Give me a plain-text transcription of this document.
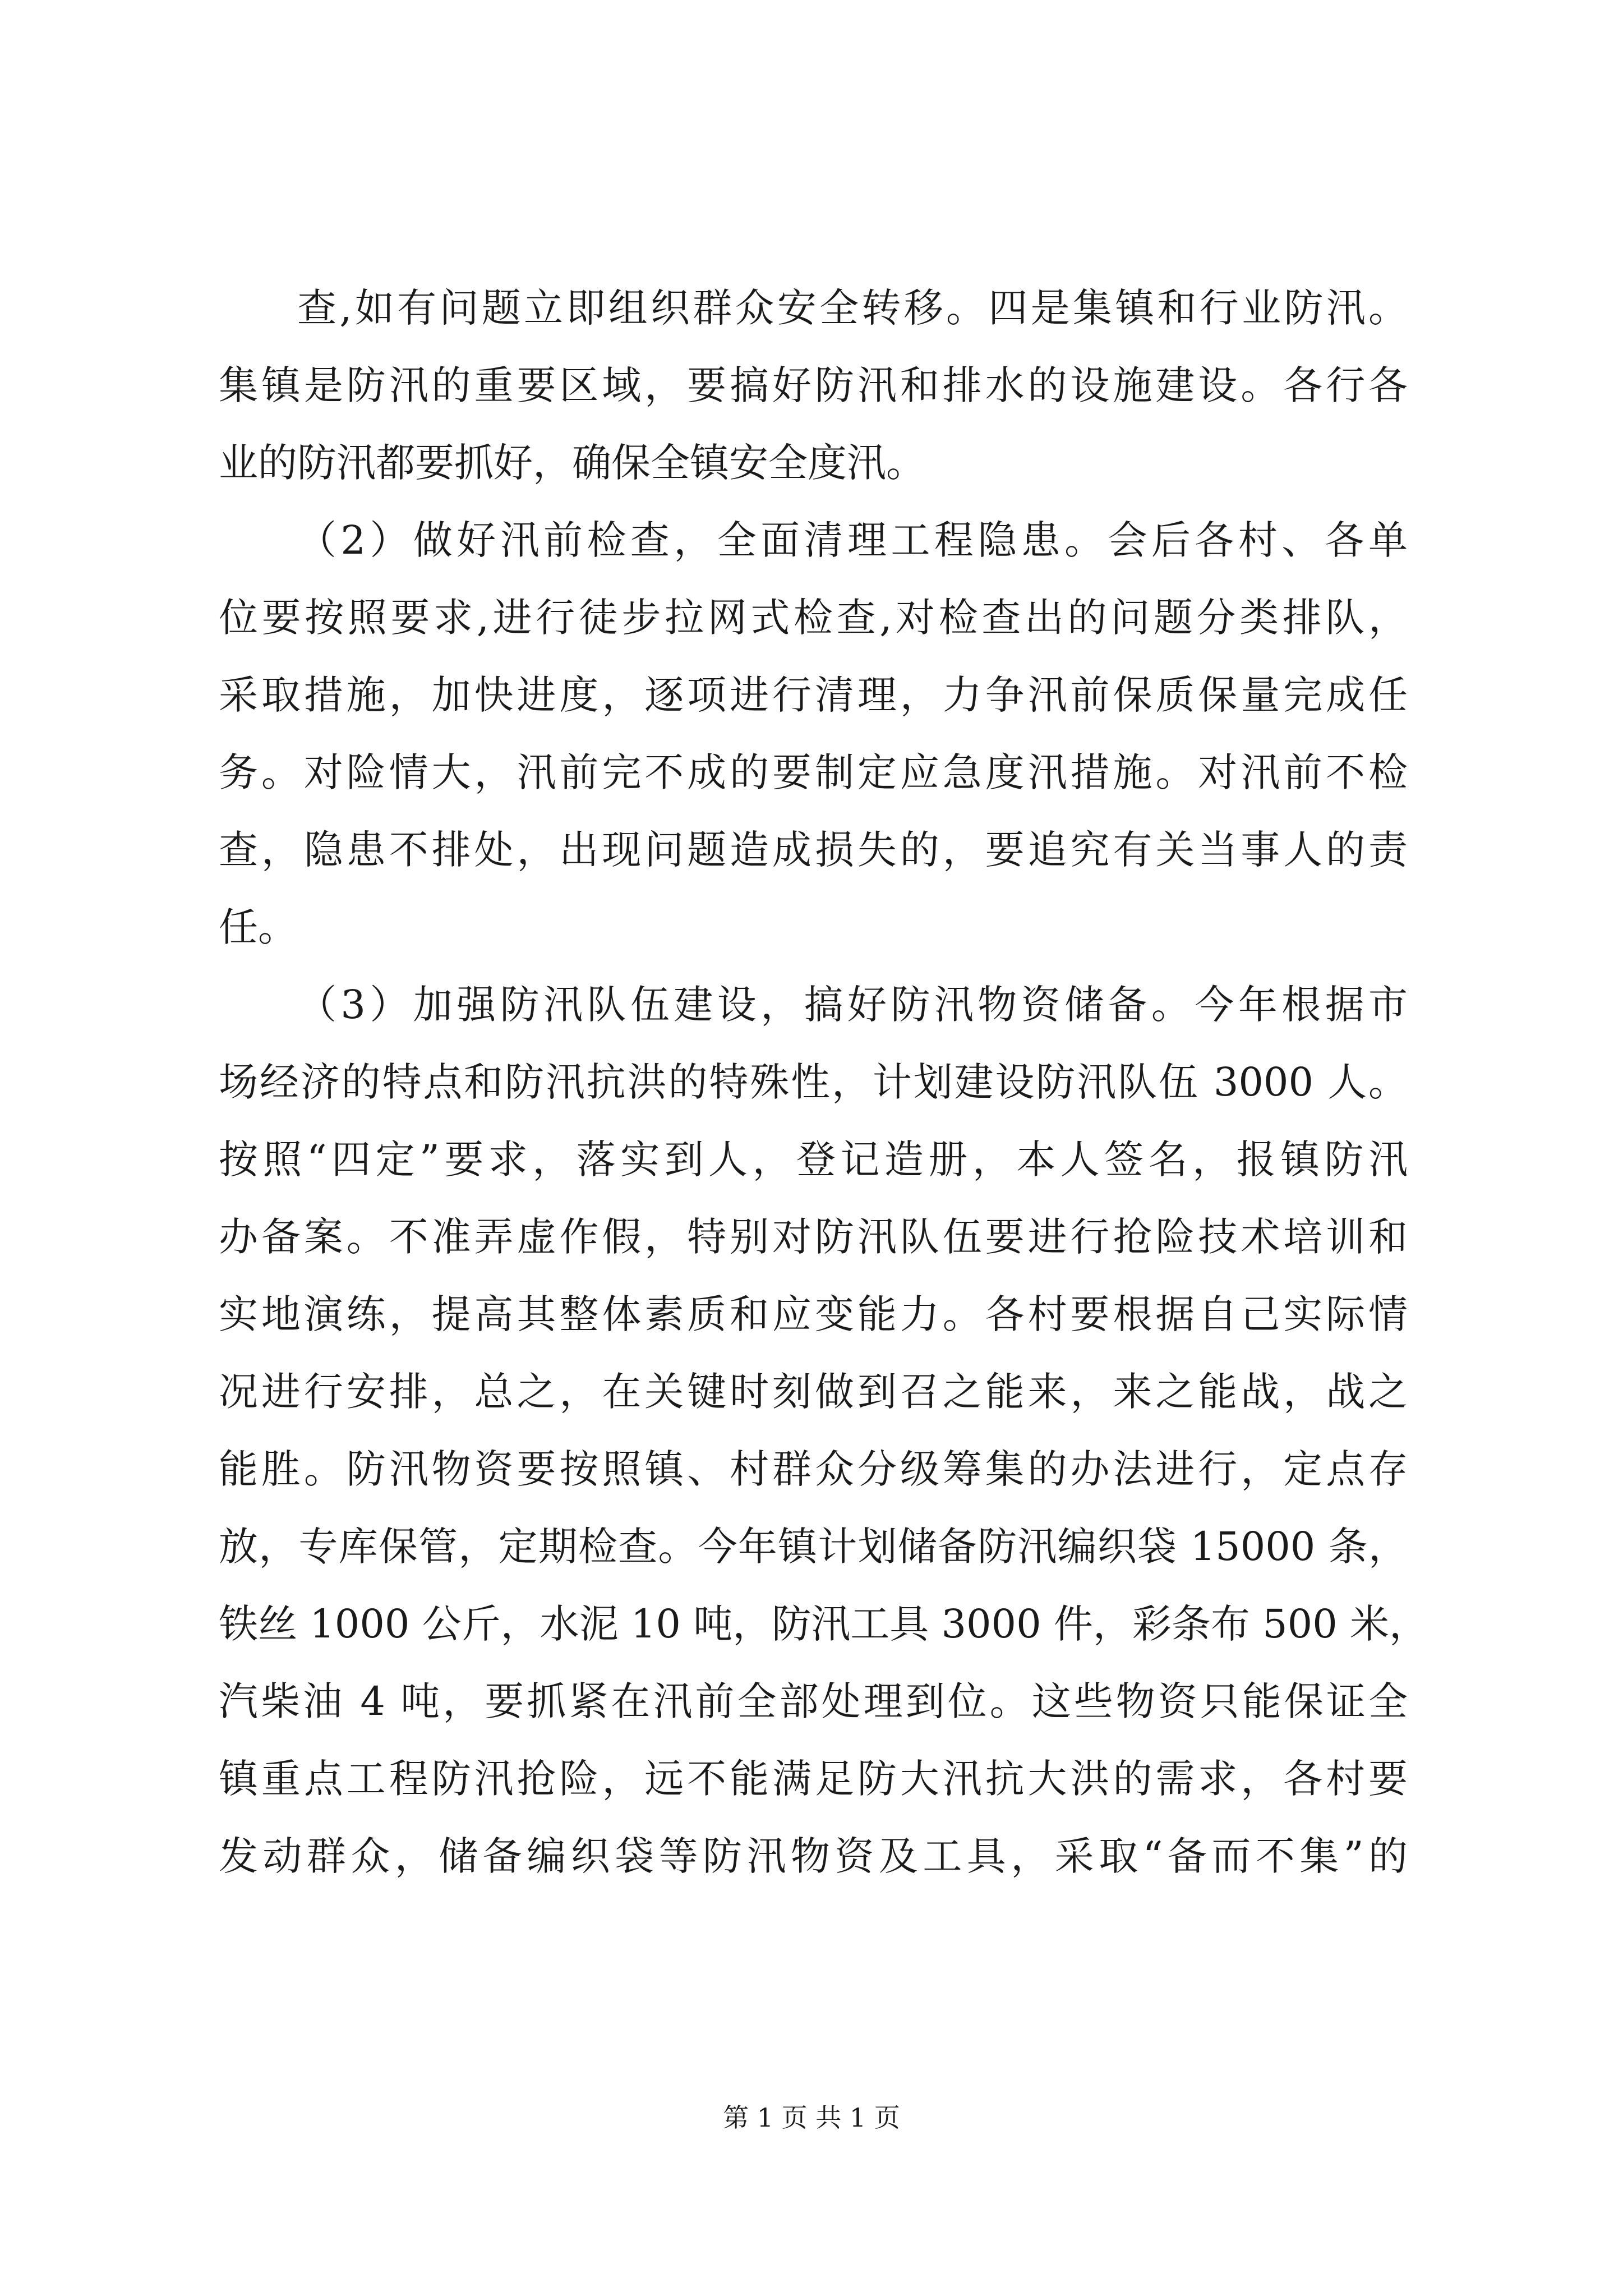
查,如有问题立即组织群众安全转移。四是集镇和行业防汛。
集镇是防汛的重要区域，要搞好防汛和排水的设施建设。各行各
业的防汛都要抓好，确保全镇安全度汛。
（2）做好汛前检查，全面清理工程隐患。会后各村、各单
位要按照要求,进行徒步拉网式检查,对检查出的问题分类排队，
采取措施，加快进度，逐项进行清理，力争汛前保质保量完成任
务。对险情大，汛前完不成的要制定应急度汛措施。对汛前不检
查，隐患不排处，出现问题造成损失的，要追究有关当事人的责
任。
（3）加强防汛队伍建设，搞好防汛物资储备。今年根据市
场经济的特点和防汛抗洪的特殊性，计划建设防汛队伍 3000 人。
按照“四定”要求，落实到人，登记造册，本人签名，报镇防汛
办备案。不准弄虚作假，特别对防汛队伍要进行抢险技术培训和
实地演练，提高其整体素质和应变能力。各村要根据自己实际情
况进行安排，总之，在关键时刻做到召之能来，来之能战，战之
能胜。防汛物资要按照镇、村群众分级筹集的办法进行，定点存
放，专库保管，定期检查。今年镇计划储备防汛编织袋 15000 条，
铁丝 1000 公斤，水泥 10 吨，防汛工具 3000 件，彩条布 500 米，
汽柴油 4 吨，要抓紧在汛前全部处理到位。这些物资只能保证全
镇重点工程防汛抢险，远不能满足防大汛抗大洪的需求，各村要
发动群众，储备编织袋等防汛物资及工具，采取“备而不集”的
第 1 页 共 1 页
